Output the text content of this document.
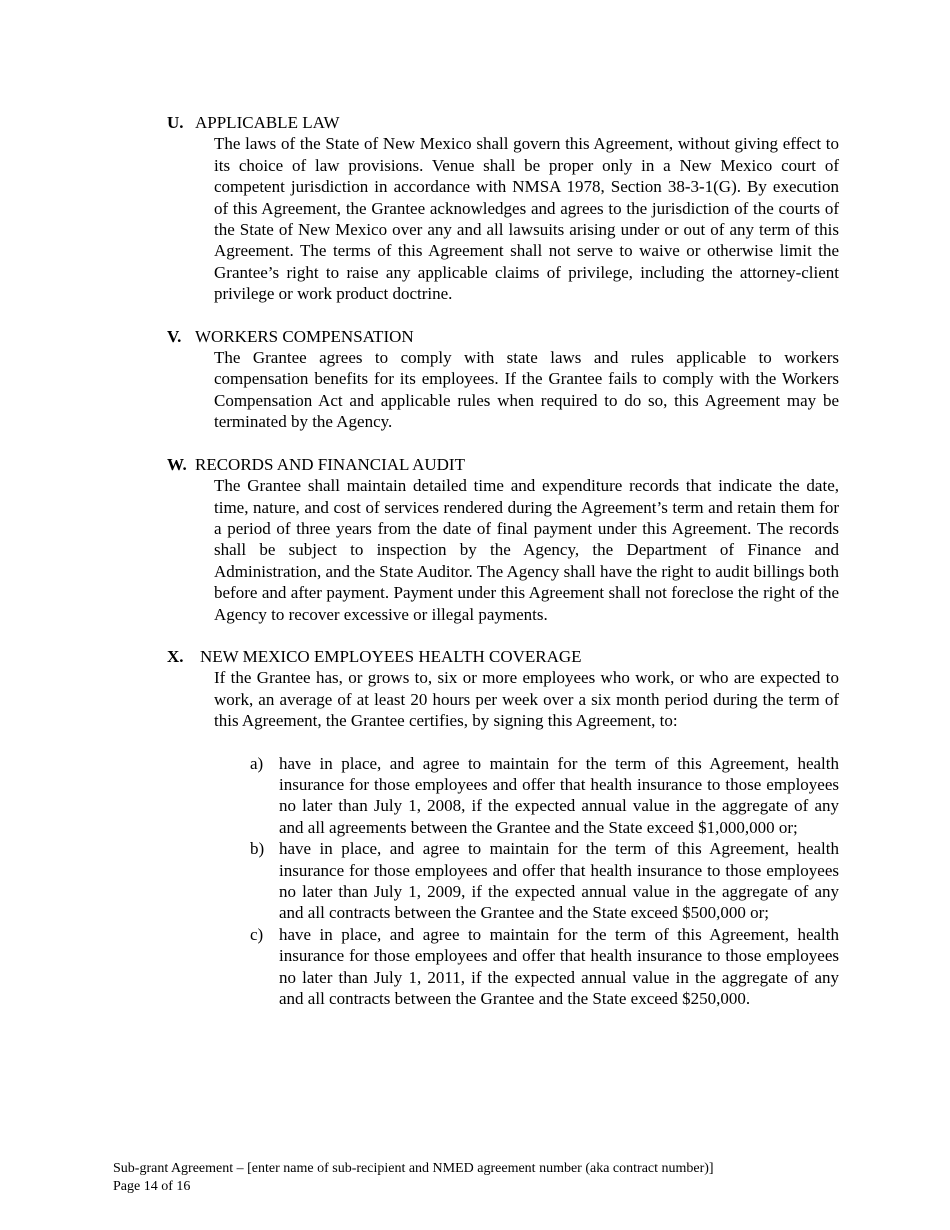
U. APPLICABLE LAW

The laws of the State of New Mexico shall govern this Agreement, without giving effect to its choice of law provisions. Venue shall be proper only in a New Mexico court of competent jurisdiction in accordance with NMSA 1978, Section 38-3-1(G). By execution of this Agreement, the Grantee acknowledges and agrees to the jurisdiction of the courts of the State of New Mexico over any and all lawsuits arising under or out of any term of this Agreement. The terms of this Agreement shall not serve to waive or otherwise limit the Grantee’s right to raise any applicable claims of privilege, including the attorney-client privilege or work product doctrine.

V. WORKERS COMPENSATION

The Grantee agrees to comply with state laws and rules applicable to workers compensation benefits for its employees. If the Grantee fails to comply with the Workers Compensation Act and applicable rules when required to do so, this Agreement may be terminated by the Agency.

W. RECORDS AND FINANCIAL AUDIT

The Grantee shall maintain detailed time and expenditure records that indicate the date, time, nature, and cost of services rendered during the Agreement’s term and retain them for a period of three years from the date of final payment under this Agreement. The records shall be subject to inspection by the Agency, the Department of Finance and Administration, and the State Auditor. The Agency shall have the right to audit billings both before and after payment. Payment under this Agreement shall not foreclose the right of the Agency to recover excessive or illegal payments.

X. NEW MEXICO EMPLOYEES HEALTH COVERAGE

If the Grantee has, or grows to, six or more employees who work, or who are expected to work, an average of at least 20 hours per week over a six month period during the term of this Agreement, the Grantee certifies, by signing this Agreement, to:

a) have in place, and agree to maintain for the term of this Agreement, health insurance for those employees and offer that health insurance to those employees no later than July 1, 2008, if the expected annual value in the aggregate of any and all agreements between the Grantee and the State exceed $1,000,000 or;
b) have in place, and agree to maintain for the term of this Agreement, health insurance for those employees and offer that health insurance to those employees no later than July 1, 2009, if the expected annual value in the aggregate of any and all contracts between the Grantee and the State exceed $500,000 or;
c) have in place, and agree to maintain for the term of this Agreement, health insurance for those employees and offer that health insurance to those employees no later than July 1, 2011, if the expected annual value in the aggregate of any and all contracts between the Grantee and the State exceed $250,000.
Sub-grant Agreement – [enter name of sub-recipient and NMED agreement number (aka contract number)]
Page 14 of 16
